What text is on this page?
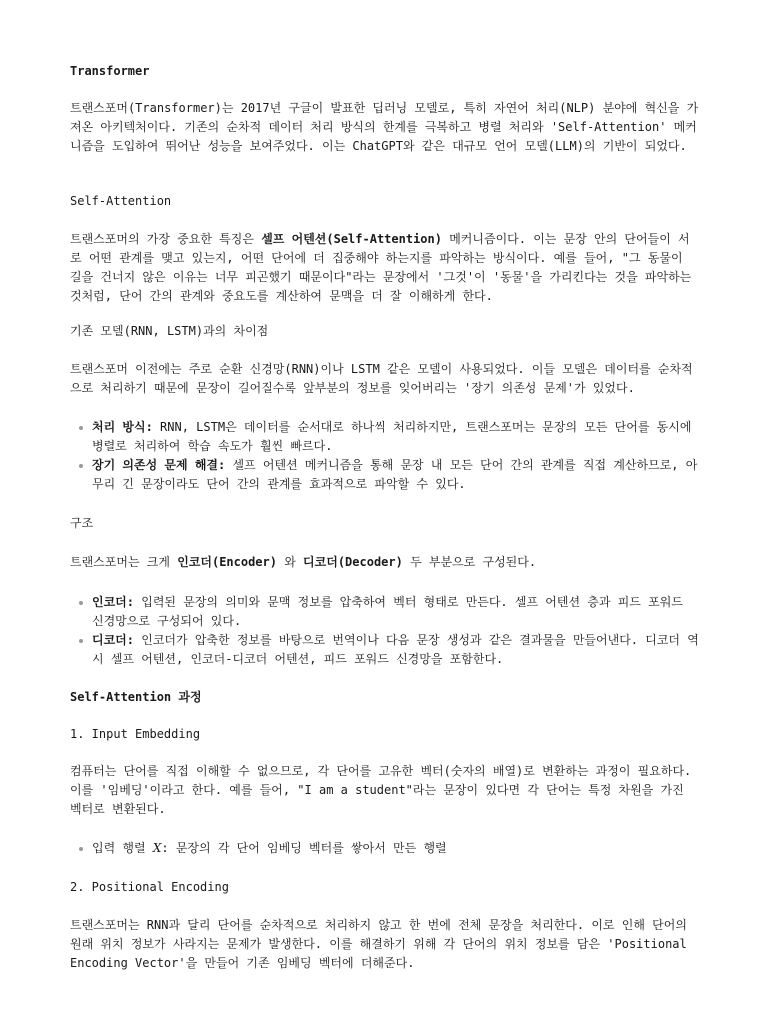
Transformer

트랜스포머(Transformer)는 2017년 구글이 발표한 딥러닝 모델로, 특히 자연어 처리(NLP) 분야에 혁신을 가져온 아키텍처이다. 기존의 순차적 데이터 처리 방식의 한계를 극복하고 병렬 처리와 'Self-Attention' 메커니즘을 도입하여 뛰어난 성능을 보여주었다. 이는 ChatGPT와 같은 대규모 언어 모델(LLM)의 기반이 되었다.

Self-Attention

트랜스포머의 가장 중요한 특징은 셀프 어텐션(Self-Attention) 메커니즘이다. 이는 문장 안의 단어들이 서로 어떤 관계를 맺고 있는지, 어떤 단어에 더 집중해야 하는지를 파악하는 방식이다. 예를 들어, "그 동물이 길을 건너지 않은 이유는 너무 피곤했기 때문이다"라는 문장에서 '그것'이 '동물'을 가리킨다는 것을 파악하는 것처럼, 단어 간의 관계와 중요도를 계산하여 문맥을 더 잘 이해하게 한다.

기존 모델(RNN, LSTM)과의 차이점

트랜스포머 이전에는 주로 순환 신경망(RNN)이나 LSTM 같은 모델이 사용되었다. 이들 모델은 데이터를 순차적으로 처리하기 때문에 문장이 길어질수록 앞부분의 정보를 잊어버리는 '장기 의존성 문제'가 있었다.

처리 방식: RNN, LSTM은 데이터를 순서대로 하나씩 처리하지만, 트랜스포머는 문장의 모든 단어를 동시에 병렬로 처리하여 학습 속도가 훨씬 빠르다.
장기 의존성 문제 해결: 셀프 어텐션 메커니즘을 통해 문장 내 모든 단어 간의 관계를 직접 계산하므로, 아무리 긴 문장이라도 단어 간의 관계를 효과적으로 파악할 수 있다.
구조

트랜스포머는 크게 인코더(Encoder) 와 디코더(Decoder) 두 부분으로 구성된다.

인코더: 입력된 문장의 의미와 문맥 정보를 압축하여 벡터 형태로 만든다. 셀프 어텐션 층과 피드 포워드 신경망으로 구성되어 있다.
디코더: 인코더가 압축한 정보를 바탕으로 번역이나 다음 문장 생성과 같은 결과물을 만들어낸다. 디코더 역시 셀프 어텐션, 인코더-디코더 어텐션, 피드 포워드 신경망을 포함한다.
Self-Attention 과정
1. Input Embedding

컴퓨터는 단어를 직접 이해할 수 없으므로, 각 단어를 고유한 벡터(숫자의 배열)로 변환하는 과정이 필요하다. 이를 '임베딩'이라고 한다. 예를 들어, "I am a student"라는 문장이 있다면 각 단어는 특정 차원을 가진 벡터로 변환된다.

입력 행렬 X: 문장의 각 단어 임베딩 벡터를 쌓아서 만든 행렬
2. Positional Encoding

트랜스포머는 RNN과 달리 단어를 순차적으로 처리하지 않고 한 번에 전체 문장을 처리한다. 이로 인해 단어의 원래 위치 정보가 사라지는 문제가 발생한다. 이를 해결하기 위해 각 단어의 위치 정보를 담은 'Positional Encoding Vector'을 만들어 기존 임베딩 벡터에 더해준다.
